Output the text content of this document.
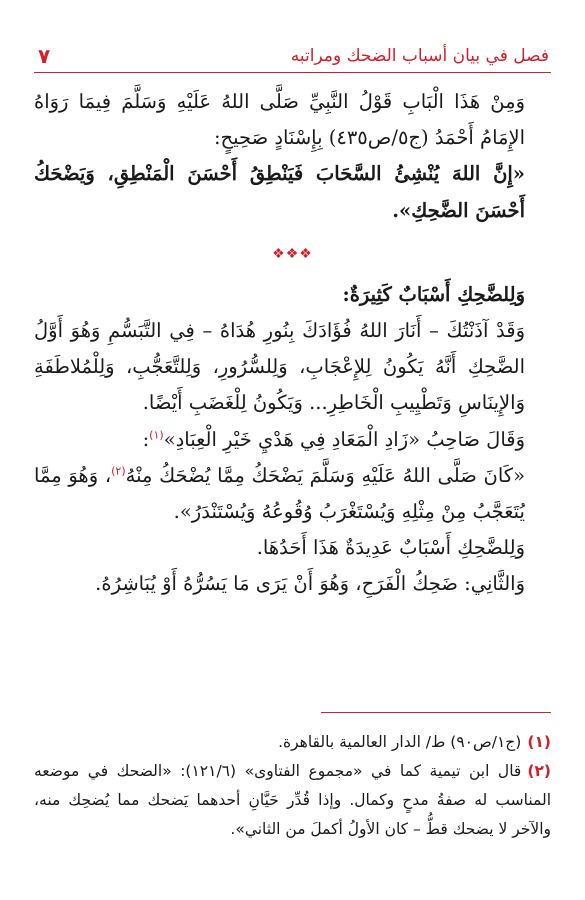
فصل في بيان أسباب الضحك ومراتبه
٧

وَمِنْ هَذَا الْبَابِ قَوْلُ النَّبِيِّ صَلَّى اللهُ عَلَيْهِ وَسَلَّمَ فِيمَا رَوَاهُ الإِمَامُ أَحْمَدُ (ج٥/ص٤٣٥) بِإِسْنَادٍ صَحِيحٍ:

«إِنَّ اللهَ يُنْشِئُ السَّحَابَ فَيَنْطِقُ أَحْسَنَ الْمَنْطِقِ، وَيَضْحَكُ أَحْسَنَ الضَّحِكِ».

❖❖❖

وَلِلضَّحِكِ أَسْبَابٌ كَثِيرَةٌ:

وَقَدْ آذَنْتُكَ – أَنَارَ اللهُ فُؤَادَكَ بِنُورِ هُدَاهُ – فِي التَّبَسُّمِ وَهُوَ أَوَّلُ الضَّحِكِ أَنَّهُ يَكُونُ لِلإِعْجَابِ، وَلِلسُّرُورِ، وَلِلتَّعَجُّبِ، وَلِلْمُلاطَفَةِ وَالإِينَاسِ وَتَطْيِيبِ الْخَاطِرِ... وَيَكُونُ لِلْغَضَبِ أَيْضًا.

وَقَالَ صَاحِبُ «زَادِ الْمَعَادِ فِي هَدْيِ خَيْرِ الْعِبَادِ»$^{(١)}$:

«كَانَ صَلَّى اللهُ عَلَيْهِ وَسَلَّمَ يَضْحَكُ مِمَّا يُضْحَكُ مِنْهُ$^{(٢)}$، وَهُوَ مِمَّا يُتَعَجَّبُ مِنْ مِثْلِهِ وَيُسْتَغْرَبُ وُقُوعُهُ وَيُسْتَنْدَرُ».

وَلِلضَّحِكِ أَسْبَابٌ عَدِيدَةٌ هَذَا أَحَدُهَا.

وَالثَّانِي: ضَحِكُ الْفَرَحِ، وَهُوَ أَنْ يَرَى مَا يَسُرُّهُ أَوْ يُبَاشِرُهُ.

(١)(ج١/ص٩٠) ط/ الدار العالمية بالقاهرة.

(٢)قال ابن تيمية كما في «مجموع الفتاوى» (١٢١/٦): «الضحك في موضعه المناسب له صفةُ مدحٍ وكمال. وإذا قُدِّر حَيَّانِ أحدهما يَضحك مما يُضحِك منه، والآخر لا يضحك قطُّ – كان الأولُ أكملَ من الثاني».
